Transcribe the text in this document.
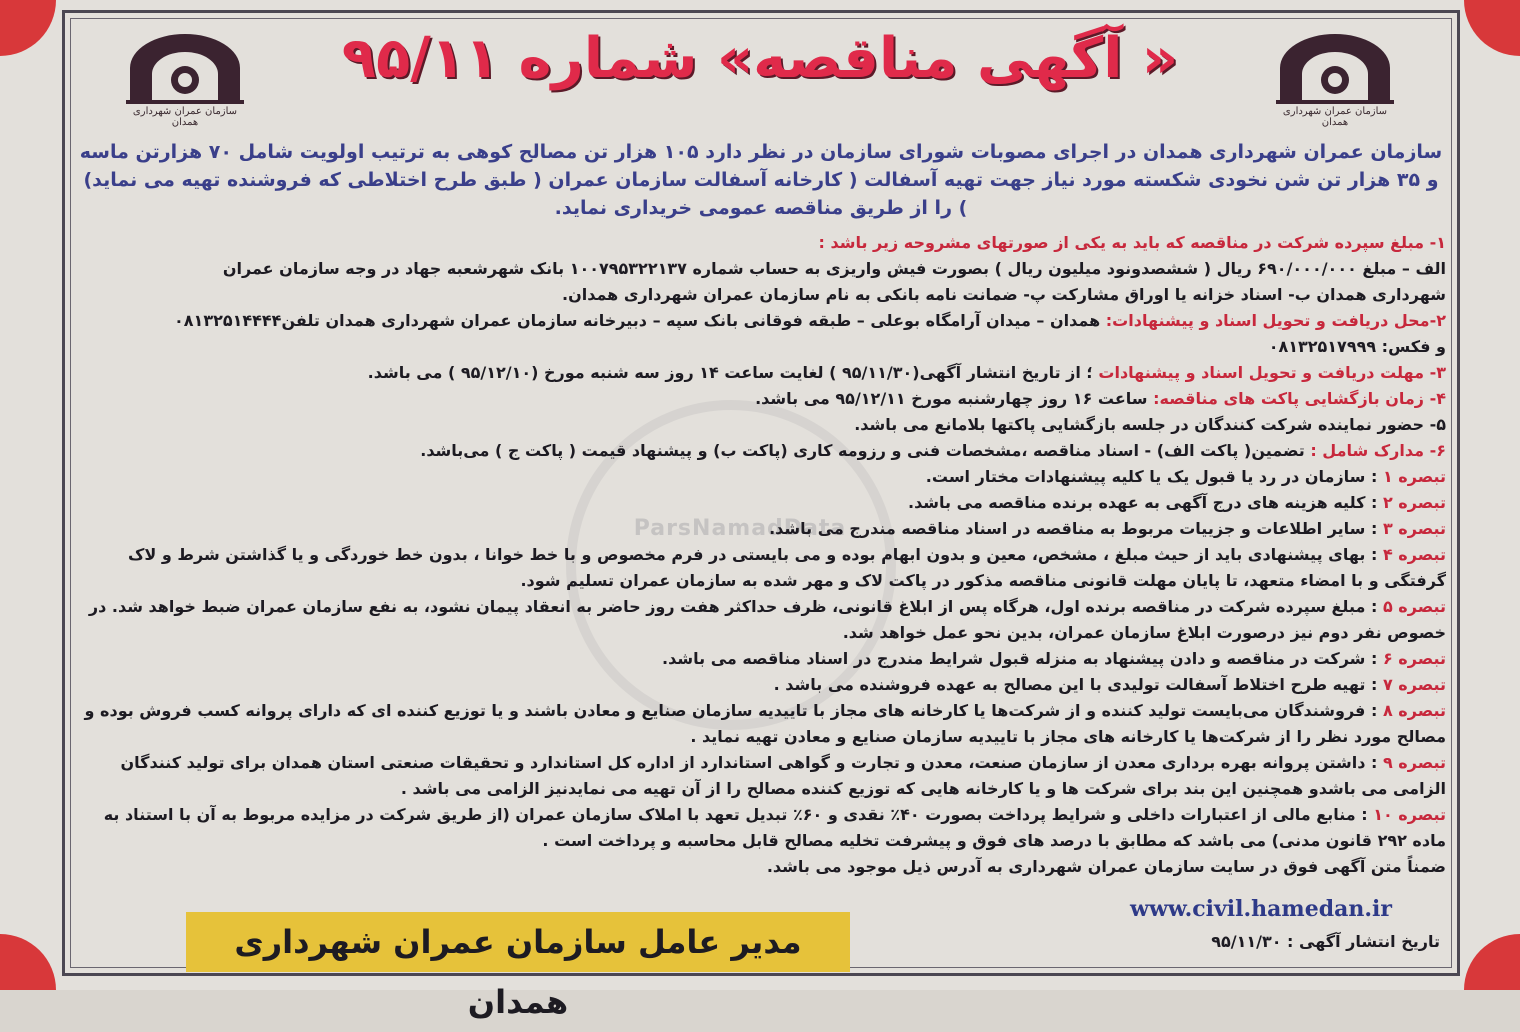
ParsNamadData
سازمان عمران شهرداری همدان
سازمان عمران شهرداری همدان
« آگهی مناقصه» شماره ۹۵/۱۱

سازمان عمران شهرداری همدان در اجرای مصوبات شورای سازمان در نظر دارد ۱۰۵ هزار تن مصالح کوهی به ترتیب اولویت شامل ۷۰ هزارتن ماسه و ۳۵ هزار تن شن نخودی شکسته مورد نیاز جهت تهیه آسفالت ( کارخانه آسفالت سازمان عمران ( طبق طرح اختلاطی که فروشنده تهیه می نماید) ) را از طریق مناقصه عمومی خریداری نماید.

۱- مبلغ سپرده شرکت در مناقصه که باید به یکی از صورتهای مشروحه زیر باشد :
الف – مبلغ ۶۹۰/۰۰۰/۰۰۰ ریال ( ششصدونود میلیون ریال ) بصورت فیش واریزی به حساب شماره ۱۰۰۷۹۵۳۲۲۱۳۷ بانک شهرشعبه جهاد در وجه سازمان عمران
شهرداری همدان ب- اسناد خزانه یا اوراق مشارکت پ- ضمانت نامه بانکی به نام سازمان عمران شهرداری همدان.
۲-محل دریافت و تحویل اسناد و پیشنهادات: همدان – میدان آرامگاه بوعلی – طبقه فوقانی بانک سپه – دبیرخانه سازمان عمران شهرداری همدان تلفن۰۸۱۳۲۵۱۴۴۴۴
و فکس: ۰۸۱۳۲۵۱۷۹۹۹
۳- مهلت دریافت و تحویل اسناد و پیشنهادات ؛ از تاریخ انتشار آگهی(۹۵/۱۱/۳۰ ) لغایت ساعت ۱۴ روز سه شنبه مورخ (۹۵/۱۲/۱۰ ) می باشد.
۴- زمان بازگشایی پاکت های مناقصه: ساعت ۱۶ روز چهارشنبه مورخ ۹۵/۱۲/۱۱ می باشد.
۵- حضور نماینده شرکت کنندگان در جلسه بازگشایی پاکتها بلامانع می باشد.
۶- مدارک شامل : تضمین( پاکت الف) - اسناد مناقصه ،مشخصات فنی و رزومه کاری (پاکت ب) و پیشنهاد قیمت ( پاکت ج ) می‌باشد.
تبصره ۱ : سازمان در رد یا قبول یک یا کلیه پیشنهادات مختار است.
تبصره ۲ : کلیه هزینه های درج آگهی به عهده برنده مناقصه می باشد.
تبصره ۳ : سایر اطلاعات و جزییات مربوط به مناقصه در اسناد مناقصه مندرج می باشد.
تبصره ۴ : بهای پیشنهادی باید از حیث مبلغ ، مشخص، معین و بدون ابهام بوده و می بایستی در فرم مخصوص و با خط خوانا ، بدون خط خوردگی و یا گذاشتن شرط و لاک گرفتگی و با امضاء متعهد، تا پایان مهلت قانونی مناقصه مذکور در پاکت لاک و مهر شده به سازمان عمران تسلیم شود.
تبصره ۵ : مبلغ سپرده شرکت در مناقصه برنده اول، هرگاه پس از ابلاغ قانونی، ظرف حداکثر هفت روز حاضر به انعقاد پیمان نشود، به نفع سازمان عمران ضبط خواهد شد. در خصوص نفر دوم نیز درصورت ابلاغ سازمان عمران، بدین نحو عمل خواهد شد.
تبصره ۶ : شرکت در مناقصه و دادن پیشنهاد به منزله قبول شرایط مندرج در اسناد مناقصه می باشد.
تبصره ۷ : تهیه طرح اختلاط آسفالت تولیدی با این مصالح به عهده فروشنده می باشد .
تبصره ۸ : فروشندگان می‌بایست تولید کننده و از شرکت‌ها یا کارخانه های مجاز با تاییدیه سازمان صنایع و معادن باشند و یا توزیع کننده ای که دارای پروانه کسب فروش بوده و مصالح مورد نظر را از شرکت‌ها یا کارخانه های مجاز با تاییدیه سازمان صنایع و معادن تهیه نماید .
تبصره ۹ : داشتن پروانه بهره برداری معدن از سازمان صنعت، معدن و تجارت و گواهی استاندارد از اداره کل استاندارد و تحقیقات صنعتی استان همدان برای تولید کنندگان الزامی می باشدو همچنین این بند برای شرکت ها و یا کارخانه هایی که توزیع کننده مصالح را از آن تهیه می نمایدنیز الزامی می باشد .
تبصره ۱۰ : منابع مالی از اعتبارات داخلی و شرایط پرداخت بصورت ۴۰٪ نقدی و ۶۰٪ تبدیل تعهد با املاک سازمان عمران (از طریق شرکت در مزایده مربوط به آن با استناد به ماده ۲۹۲ قانون مدنی) می باشد که مطابق با درصد های فوق و پیشرفت تخلیه مصالح قابل محاسبه و پرداخت است .
ضمناً متن آگهی فوق در سایت سازمان عمران شهرداری به آدرس ذیل موجود می باشد.
www.civil.hamedan.ir
تاریخ انتشار آگهی : ۹۵/۱۱/۳۰
مدیر عامل سازمان عمران شهرداری همدان
